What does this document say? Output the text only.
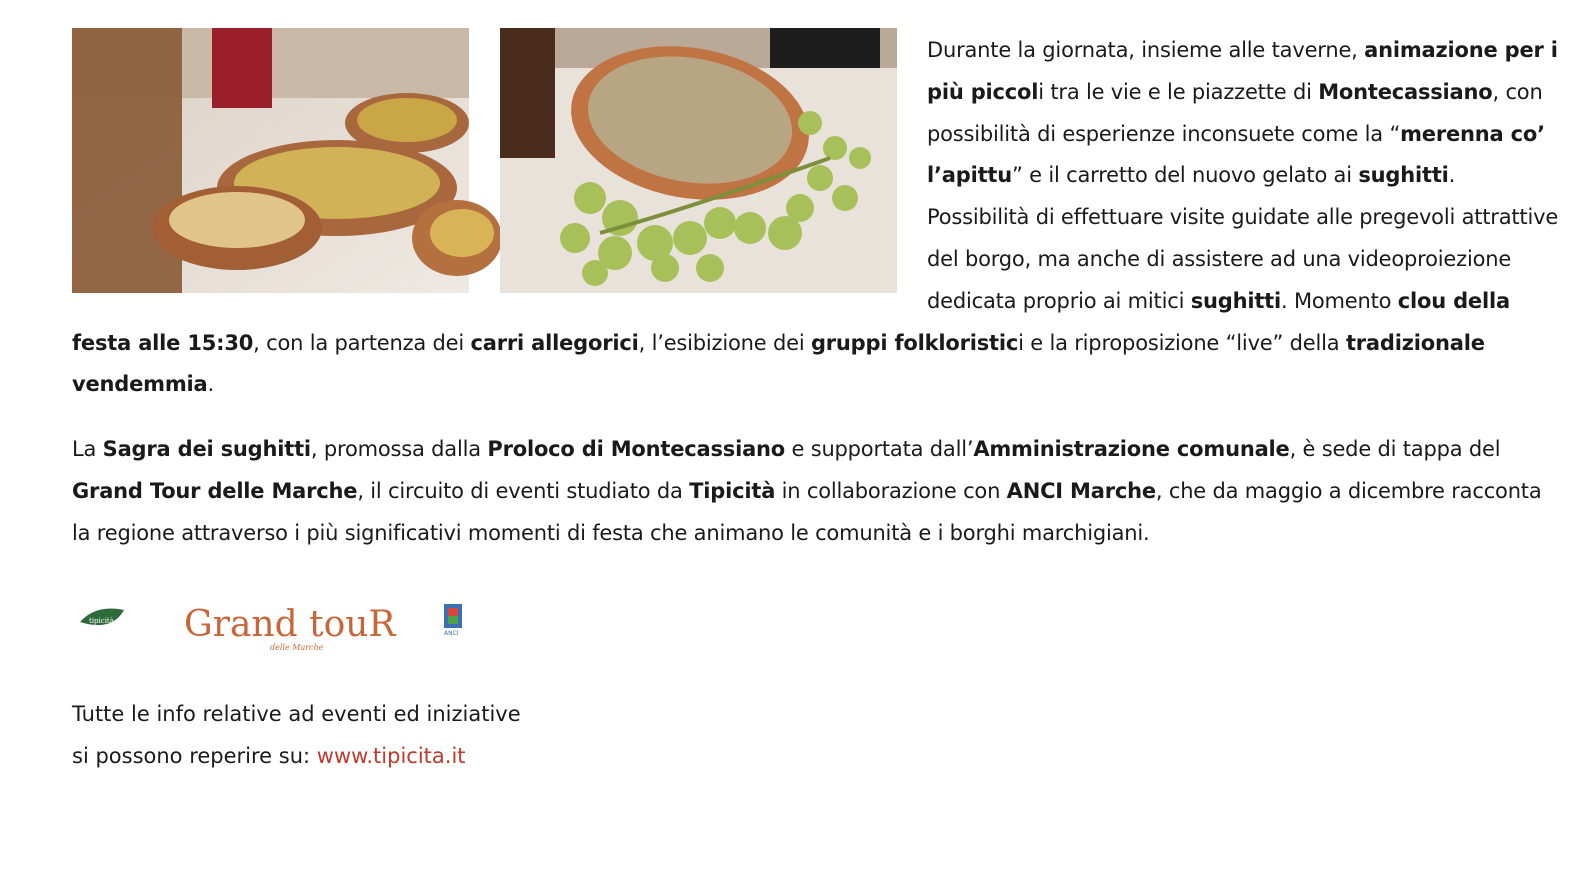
Durante la giornata, insieme alle taverne, animazione per i più piccoli tra le vie e le piazzette di Montecassiano, con possibilità di esperienze inconsuete come la “merenna co’ l’apittu” e il carretto del nuovo gelato ai sughitti. Possibilità di effettuare visite guidate alle pregevoli attrattive del borgo, ma anche di assistere ad una videoproiezione dedicata proprio ai mitici sughitti. Momento clou della festa alle 15:30, con la partenza dei carri allegorici, l’esibizione dei gruppi folkloristici e la riproposizione “live” della tradizionale vendemmia.

La Sagra dei sughitti, promossa dalla Proloco di Montecassiano e supportata dall’Amministrazione comunale, è sede di tappa del Grand Tour delle Marche, il circuito di eventi studiato da Tipicità in collaborazione con ANCI Marche, che da maggio a dicembre racconta la regione attraverso i più significativi momenti di festa che animano le comunità e i borghi marchigiani.

tipicità Grand touR
delle Marche
ANCI
Tutte le info relative ad eventi ed iniziative
si possono reperire su: www.tipicita.it
